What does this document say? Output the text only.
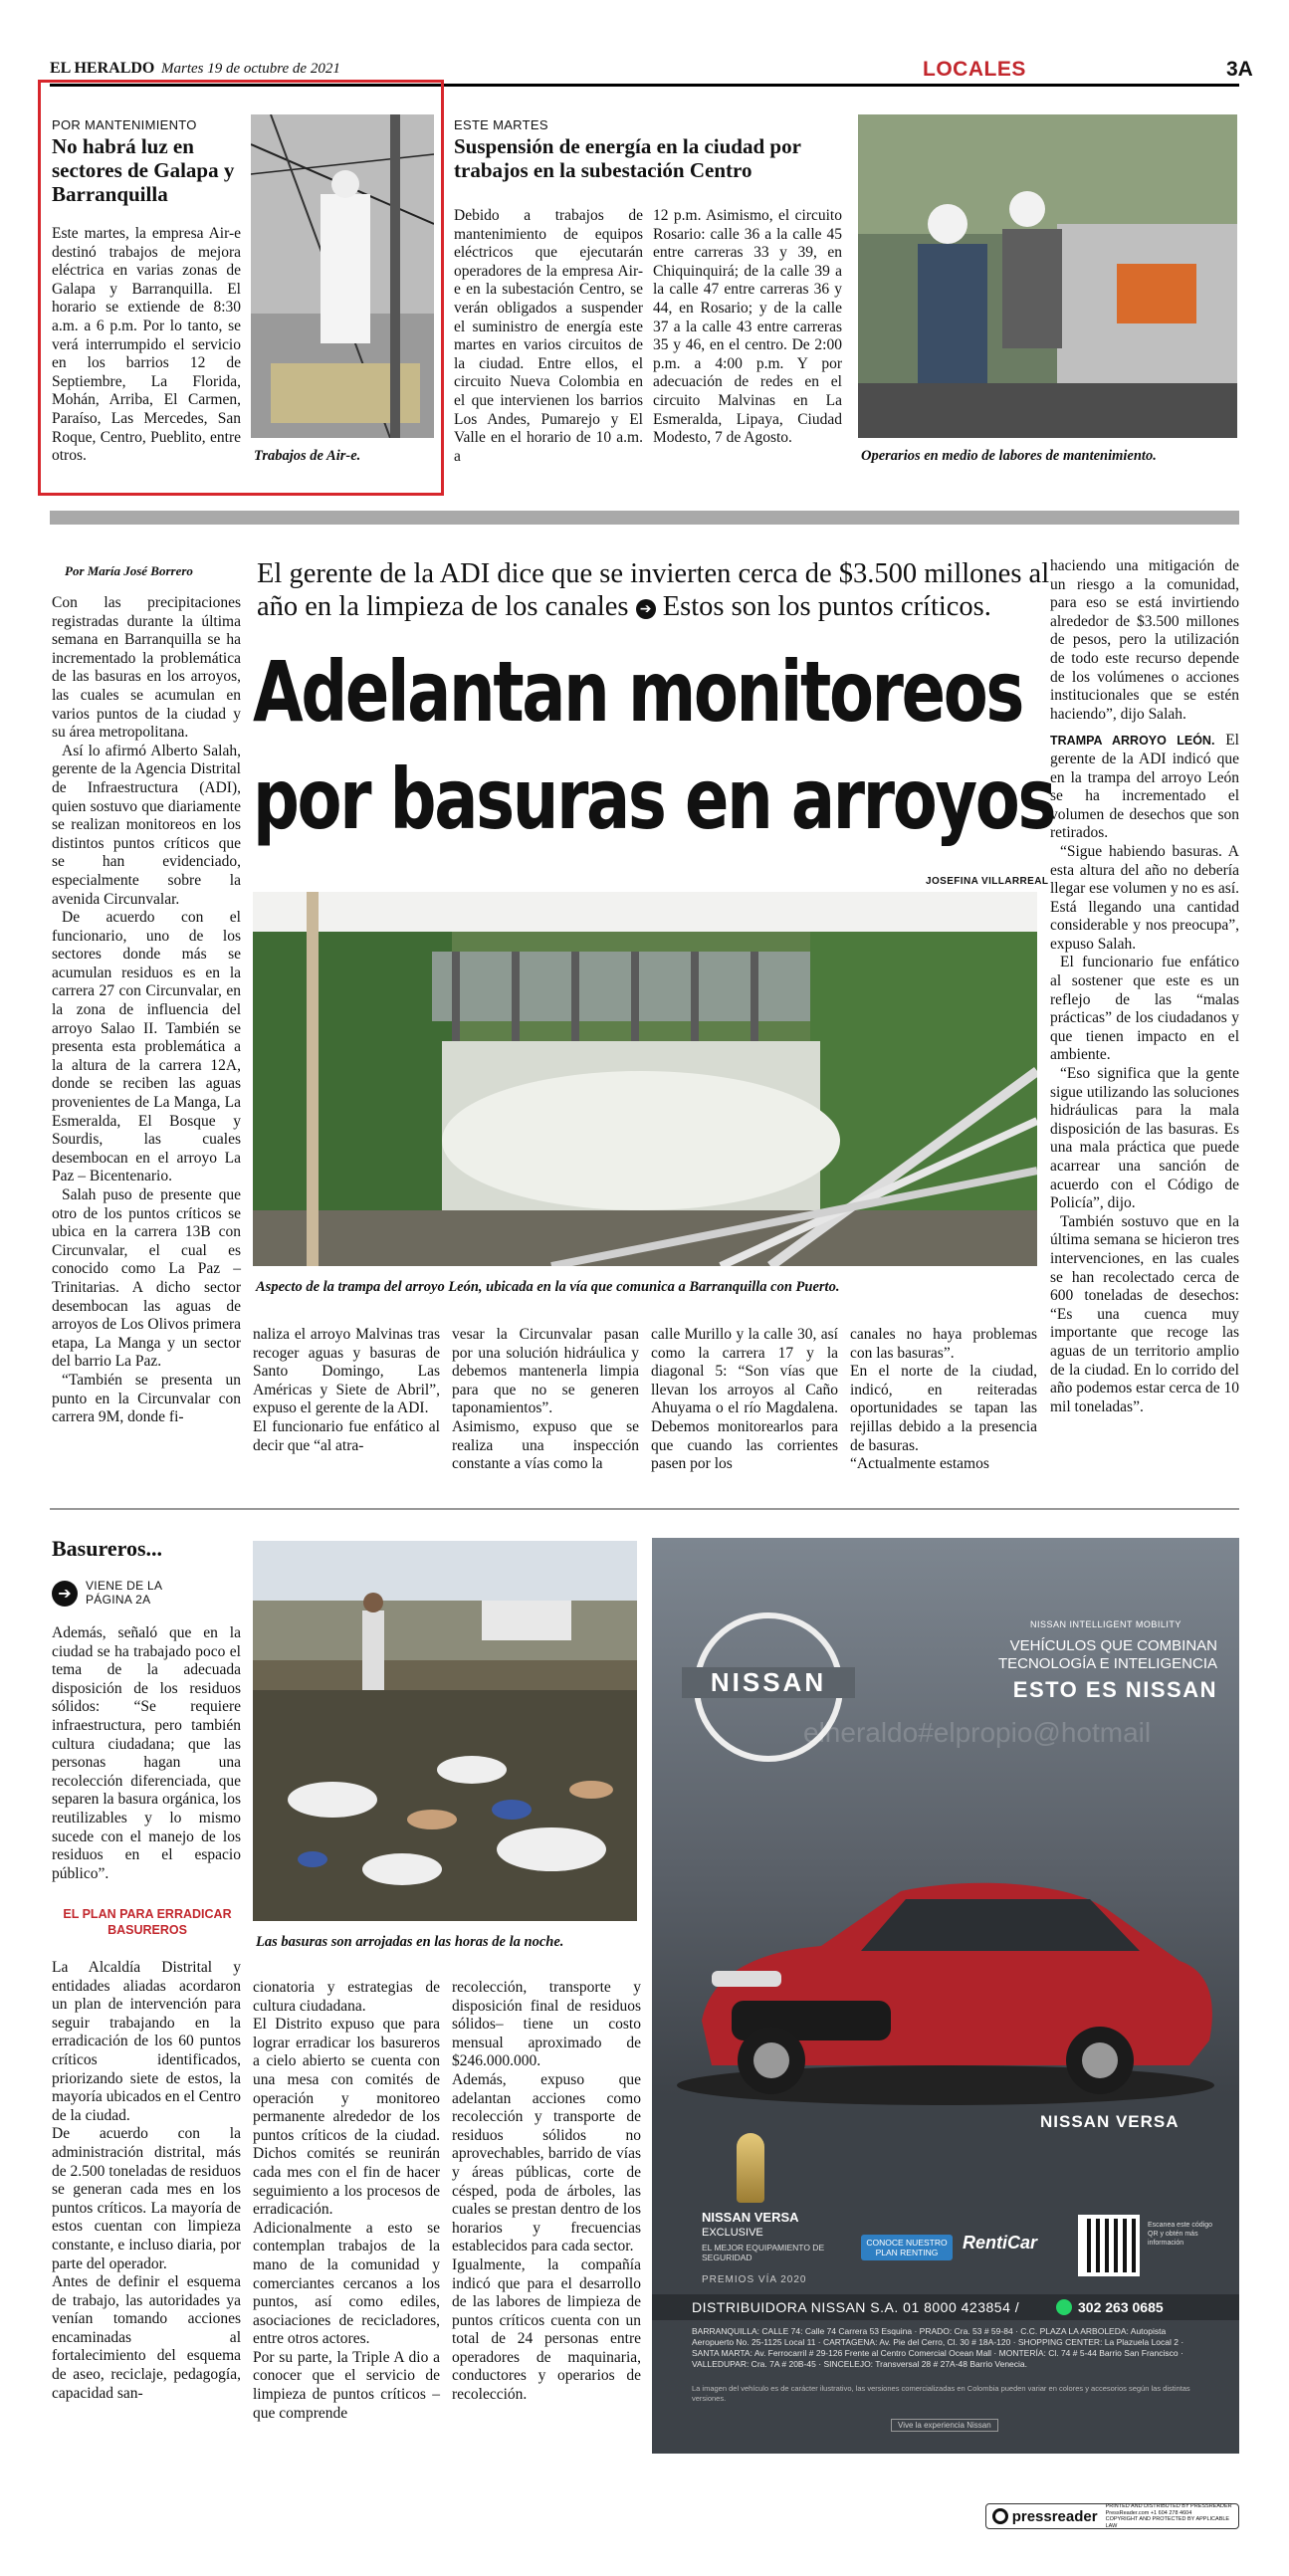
EL HERALDO Martes 19 de octubre de 2021	LOCALES	3A
POR MANTENIMIENTO
No habrá luz en sectores de Galapa y Barranquilla
Este martes, la empresa Air-e destinó trabajos de mejora eléctrica en varias zonas de Galapa y Barranquilla. El horario se extiende de 8:30 a.m. a 6 p.m. Por lo tanto, se verá interrumpido el servicio en los barrios 12 de Septiembre, La Florida, Mohán, Arriba, El Carmen, Paraíso, Las Mercedes, San Roque, Centro, Pueblito, entre otros.	Trabajos de Air-e.
ESTE MARTES
Suspensión de energía en la ciudad por trabajos en la subestación Centro
Debido a trabajos de mantenimiento de equipos eléctricos que ejecutarán operadores de la empresa Air-e en la subestación Centro, se verán obligados a suspender el suministro de energía este martes en varios circuitos de la ciudad. Entre ellos, el circuito Nueva Colombia en el que intervienen los barrios Los Andes, Pumarejo y El Valle en el horario de 10 a.m. a
12 p.m. Asimismo, el circuito Rosario: calle 36 a la calle 45 entre carreras 33 y 39, en Chiquinquirá; de la calle 39 a la calle 47 entre carreras 36 y 44, en Rosario; y de la calle 37 a la calle 43 entre carreras 35 y 46, en el centro. De 2:00 p.m. a 4:00 p.m. Y por adecuación de redes en el circuito Malvinas en La Esmeralda, Lipaya, Ciudad Modesto, 7 de Agosto.
Operarios en medio de labores de mantenimiento.
Por María José Borrero

Con las precipitaciones registradas durante la última semana en Barranquilla se ha incrementado la problemática de las basuras en los arroyos, las cuales se acumulan en varios puntos de la ciudad y su área metropolitana.

Así lo afirmó Alberto Salah, gerente de la Agencia Distrital de Infraestructura (ADI), quien sostuvo que diariamente se realizan monitoreos en los distintos puntos críticos que se han evidenciado, especialmente sobre la avenida Circunvalar.

De acuerdo con el funcionario, uno de los sectores donde más se acumulan residuos es en la carrera 27 con Circunvalar, en la zona de influencia del arroyo Salao II. También se presenta esta problemática a la altura de la carrera 12A, donde se reciben las aguas provenientes de La Manga, La Esmeralda, El Bosque y Sourdis, las cuales desembocan en el arroyo La Paz – Bicentenario.

Salah puso de presente que otro de los puntos críticos se ubica en la carrera 13B con Circunvalar, el cual es conocido como La Paz – Trinitarias. A dicho sector desembocan las aguas de arroyos de Los Olivos primera etapa, La Manga y un sector del barrio La Paz.

“También se presenta un punto en la Circunvalar con carrera 9M, donde fi-

El gerente de la ADI dice que se invierten cerca de $3.500 millones al año en la limpieza de los canales ➔ Estos son los puntos críticos.
Adelantan monitoreos
por basuras en arroyos
JOSEFINA VILLARREAL
Aspecto de la trampa del arroyo León, ubicada en la vía que comunica a Barranquilla con Puerto.
naliza el arroyo Malvinas tras recoger aguas y basuras de Santo Domingo, Las Américas y Siete de Abril”, expuso el gerente de la ADI.
El funcionario fue enfático al decir que “al atra-
vesar la Circunvalar pasan por una solución hidráulica y debemos mantenerla limpia para que no se generen taponamientos”.
Asimismo, expuso que se realiza una inspección constante a vías como la
calle Murillo y la calle 30, así como la carrera 17 y la diagonal 5: “Son vías que llevan los arroyos al Caño Ahuyama o el río Magdalena. Debemos monitorearlos para que cuando las corrientes pasen por los
canales no haya problemas con las basuras”.
En el norte de la ciudad, indicó, en reiteradas oportunidades se tapan las rejillas debido a la presencia de basuras.
“Actualmente estamos

haciendo una mitigación de un riesgo a la comunidad, para eso se está invirtiendo alrededor de $3.500 millones de pesos, pero la utilización de todo este recurso depende de los volúmenes o acciones institucionales que se estén haciendo”, dijo Salah.

TRAMPA ARROYO LEÓN. El gerente de la ADI indicó que en la trampa del arroyo León se ha incrementado el volumen de desechos que son retirados.

“Sigue habiendo basuras. A esta altura del año no debería llegar ese volumen y no es así. Está llegando una cantidad considerable y nos preocupa”, expuso Salah.

El funcionario fue enfático al sostener que este es un reflejo de las “malas prácticas” de los ciudadanos y que tienen impacto en el ambiente.

“Eso significa que la gente sigue utilizando las soluciones hidráulicas para la mala disposición de las basuras. Es una mala práctica que puede acarrear una sanción de acuerdo con el Código de Policía”, dijo.

También sostuvo que en la última semana se hicieron tres intervenciones, en las cuales se han recolectado cerca de 600 toneladas de desechos: “Es una cuenca muy importante que recoge las aguas de un territorio amplio de la ciudad. En lo corrido del año podemos estar cerca de 10 mil toneladas”.

Basureros...
➔	VIENE DE LA PÁGINA 2A
Además, señaló que en la ciudad se ha trabajado poco el tema de la adecuada disposición de los residuos sólidos: “Se requiere infraestructura, pero también cultura ciudadana; que las personas hagan una recolección diferenciada, que separen la basura orgánica, los reutilizables y lo mismo sucede con el manejo de los residuos en el espacio público”.
EL PLAN PARA ERRADICAR BASUREROS
La Alcaldía Distrital y entidades aliadas acordaron un plan de intervención para seguir trabajando en la erradicación de los 60 puntos críticos identificados, priorizando siete de estos, la mayoría ubicados en el Centro de la ciudad.
De acuerdo con la administración distrital, más de 2.500 toneladas de residuos se generan cada mes en los puntos críticos. La mayoría de estos cuentan con limpieza constante, e incluso diaria, por parte del operador.
Antes de definir el esquema de trabajo, las autoridades ya venían tomando acciones encaminadas al fortalecimiento del esquema de aseo, reciclaje, pedagogía, capacidad san-
cionatoria y estrategias de cultura ciudadana.
El Distrito expuso que para lograr erradicar los basureros a cielo abierto se cuenta con una mesa con comités de operación y monitoreo permanente alrededor de los puntos críticos de la ciudad. Dichos comités se reunirán cada mes con el fin de hacer seguimiento a los procesos de erradicación.
Adicionalmente a esto se contemplan trabajos de la mano de la comunidad y comerciantes cercanos a los puntos, así como ediles, asociaciones de recicladores, entre otros actores.
Por su parte, la Triple A dio a conocer que el servicio de limpieza de puntos críticos –que comprende
recolección, transporte y disposición final de residuos sólidos– tiene un costo mensual aproximado de $246.000.000.
Además, expuso que adelantan acciones como recolección y transporte de residuos sólidos no aprovechables, barrido de vías y áreas públicas, corte de césped, poda de árboles, las cuales se prestan dentro de los horarios y frecuencias establecidos para cada sector.
Igualmente, la compañía indicó que para el desarrollo de las labores de limpieza de puntos críticos cuenta con un total de 24 personas entre operadores de maquinaria, conductores y operarios de recolección.
Las basuras son arrojadas en las horas de la noche.
NISSAN
NISSAN INTELLIGENT MOBILITY
VEHÍCULOS QUE COMBINAN
TECNOLOGÍA E INTELIGENCIA
ESTO ES NISSAN
elheraldo#elpropio@hotmail
NISSAN VERSA
NISSAN VERSA
EXCLUSIVE
EL MEJOR EQUIPAMIENTO DE SEGURIDAD
PREMIOS VÍA 2020
CONOCE NUESTRO PLAN RENTING	RentiCar
Escanea este código QR y obtén más información
DISTRIBUIDORA NISSAN S.A. 01 8000 423854 /	302 263 0685
BARRANQUILLA: CALLE 74: Calle 74 Carrera 53 Esquina · PRADO: Cra. 53 # 59-84 · C.C. PLAZA LA ARBOLEDA: Autopista Aeropuerto No. 25-1125 Local 11 · CARTAGENA: Av. Pie del Cerro, Cl. 30 # 18A-120 · SHOPPING CENTER: La Plazuela Local 2 · SANTA MARTA: Av. Ferrocarril # 29-126 Frente al Centro Comercial Ocean Mall · MONTERÍA: Cl. 74 # 5-44 Barrio San Francisco · VALLEDUPAR: Cra. 7A # 20B-45 · SINCELEJO: Transversal 28 # 27A-48 Barrio Venecia.
La imagen del vehículo es de carácter ilustrativo, las versiones comercializadas en Colombia pueden variar en colores y accesorios según las distintas versiones.
Vive la experiencia Nissan
pressreader
PRINTED AND DISTRIBUTED BY PRESSREADER
PressReader.com +1 604 278 4604
COPYRIGHT AND PROTECTED BY APPLICABLE LAW
